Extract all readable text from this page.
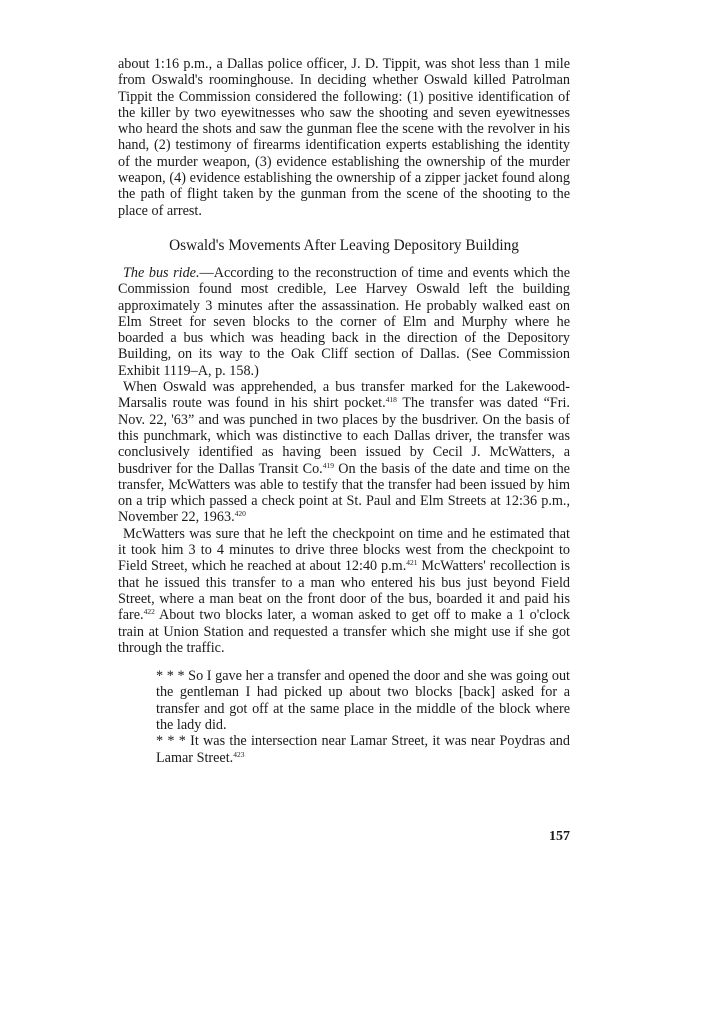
about 1:16 p.m., a Dallas police officer, J. D. Tippit, was shot less than 1 mile from Oswald's roominghouse. In deciding whether Oswald killed Patrolman Tippit the Commission considered the following: (1) positive identification of the killer by two eyewitnesses who saw the shooting and seven eyewitnesses who heard the shots and saw the gunman flee the scene with the revolver in his hand, (2) testimony of firearms identification experts establishing the identity of the murder weapon, (3) evidence establishing the ownership of the murder weapon, (4) evidence establishing the ownership of a zipper jacket found along the path of flight taken by the gunman from the scene of the shooting to the place of arrest.

Oswald's Movements After Leaving Depository Building

The bus ride.—According to the reconstruction of time and events which the Commission found most credible, Lee Harvey Oswald left the building approximately 3 minutes after the assassination. He probably walked east on Elm Street for seven blocks to the corner of Elm and Murphy where he boarded a bus which was heading back in the direction of the Depository Building, on its way to the Oak Cliff section of Dallas. (See Commission Exhibit 1119–A, p. 158.)

When Oswald was apprehended, a bus transfer marked for the Lakewood-Marsalis route was found in his shirt pocket.$^{418}$ The transfer was dated “Fri. Nov. 22, '63” and was punched in two places by the busdriver. On the basis of this punchmark, which was distinctive to each Dallas driver, the transfer was conclusively identified as having been issued by Cecil J. McWatters, a busdriver for the Dallas Transit Co.$^{419}$ On the basis of the date and time on the transfer, McWatters was able to testify that the transfer had been issued by him on a trip which passed a check point at St. Paul and Elm Streets at 12:36 p.m., November 22, 1963.$^{420}$

McWatters was sure that he left the checkpoint on time and he estimated that it took him 3 to 4 minutes to drive three blocks west from the checkpoint to Field Street, which he reached at about 12:40 p.m.$^{421}$ McWatters' recollection is that he issued this transfer to a man who entered his bus just beyond Field Street, where a man beat on the front door of the bus, boarded it and paid his fare.$^{422}$ About two blocks later, a woman asked to get off to make a 1 o'clock train at Union Station and requested a transfer which she might use if she got through the traffic.

* * * So I gave her a transfer and opened the door and she was going out the gentleman I had picked up about two blocks [back] asked for a transfer and got off at the same place in the middle of the block where the lady did.

* * * It was the intersection near Lamar Street, it was near Poydras and Lamar Street.$^{423}$

157
